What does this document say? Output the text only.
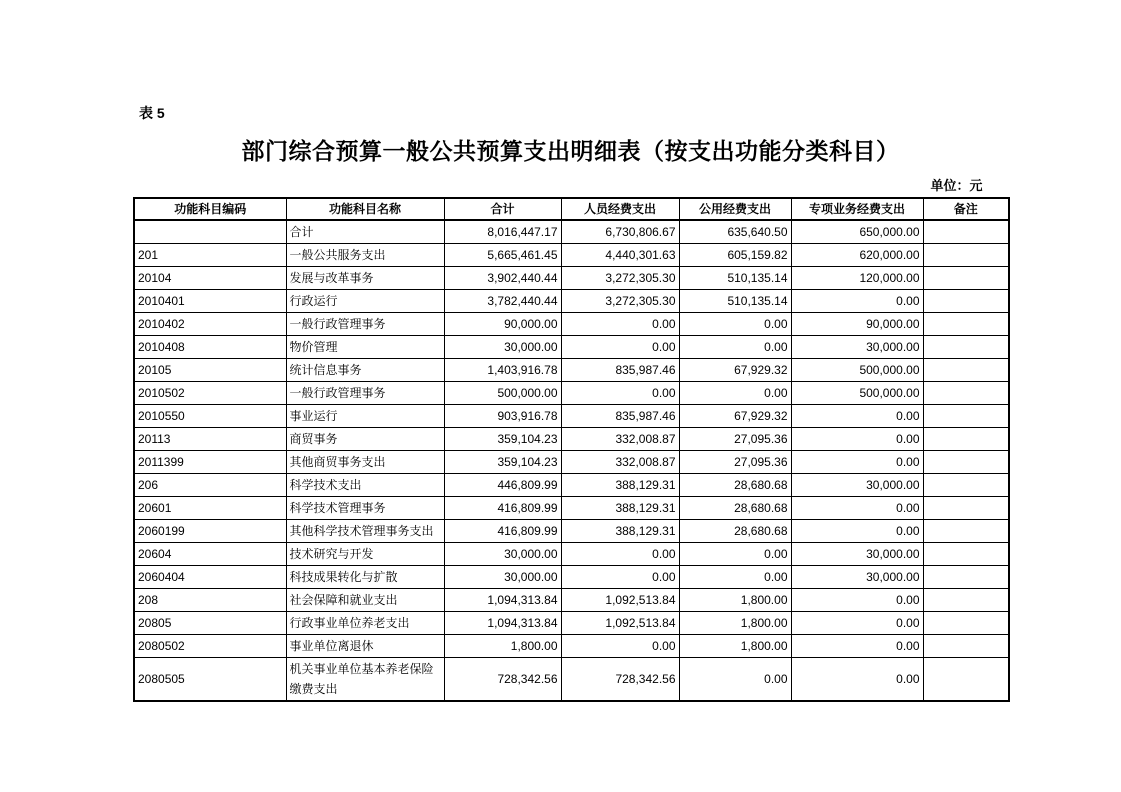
表 5
部门综合预算一般公共预算支出明细表（按支出功能分类科目）
单位：元
功能科目编码	功能科目名称	合计	人员经费支出	公用经费支出	专项业务经费支出	备注
	合计	8,016,447.17	6,730,806.67	635,640.50	650,000.00	
201	一般公共服务支出	5,665,461.45	4,440,301.63	605,159.82	620,000.00	
20104	发展与改革事务	3,902,440.44	3,272,305.30	510,135.14	120,000.00	
2010401	行政运行	3,782,440.44	3,272,305.30	510,135.14	0.00	
2010402	一般行政管理事务	90,000.00	0.00	0.00	90,000.00	
2010408	物价管理	30,000.00	0.00	0.00	30,000.00	
20105	统计信息事务	1,403,916.78	835,987.46	67,929.32	500,000.00	
2010502	一般行政管理事务	500,000.00	0.00	0.00	500,000.00	
2010550	事业运行	903,916.78	835,987.46	67,929.32	0.00	
20113	商贸事务	359,104.23	332,008.87	27,095.36	0.00	
2011399	其他商贸事务支出	359,104.23	332,008.87	27,095.36	0.00	
206	科学技术支出	446,809.99	388,129.31	28,680.68	30,000.00	
20601	科学技术管理事务	416,809.99	388,129.31	28,680.68	0.00	
2060199	其他科学技术管理事务支出	416,809.99	388,129.31	28,680.68	0.00	
20604	技术研究与开发	30,000.00	0.00	0.00	30,000.00	
2060404	科技成果转化与扩散	30,000.00	0.00	0.00	30,000.00	
208	社会保障和就业支出	1,094,313.84	1,092,513.84	1,800.00	0.00	
20805	行政事业单位养老支出	1,094,313.84	1,092,513.84	1,800.00	0.00	
2080502	事业单位离退休	1,800.00	0.00	1,800.00	0.00	
2080505	机关事业单位基本养老保险缴费支出	728,342.56	728,342.56	0.00	0.00	
